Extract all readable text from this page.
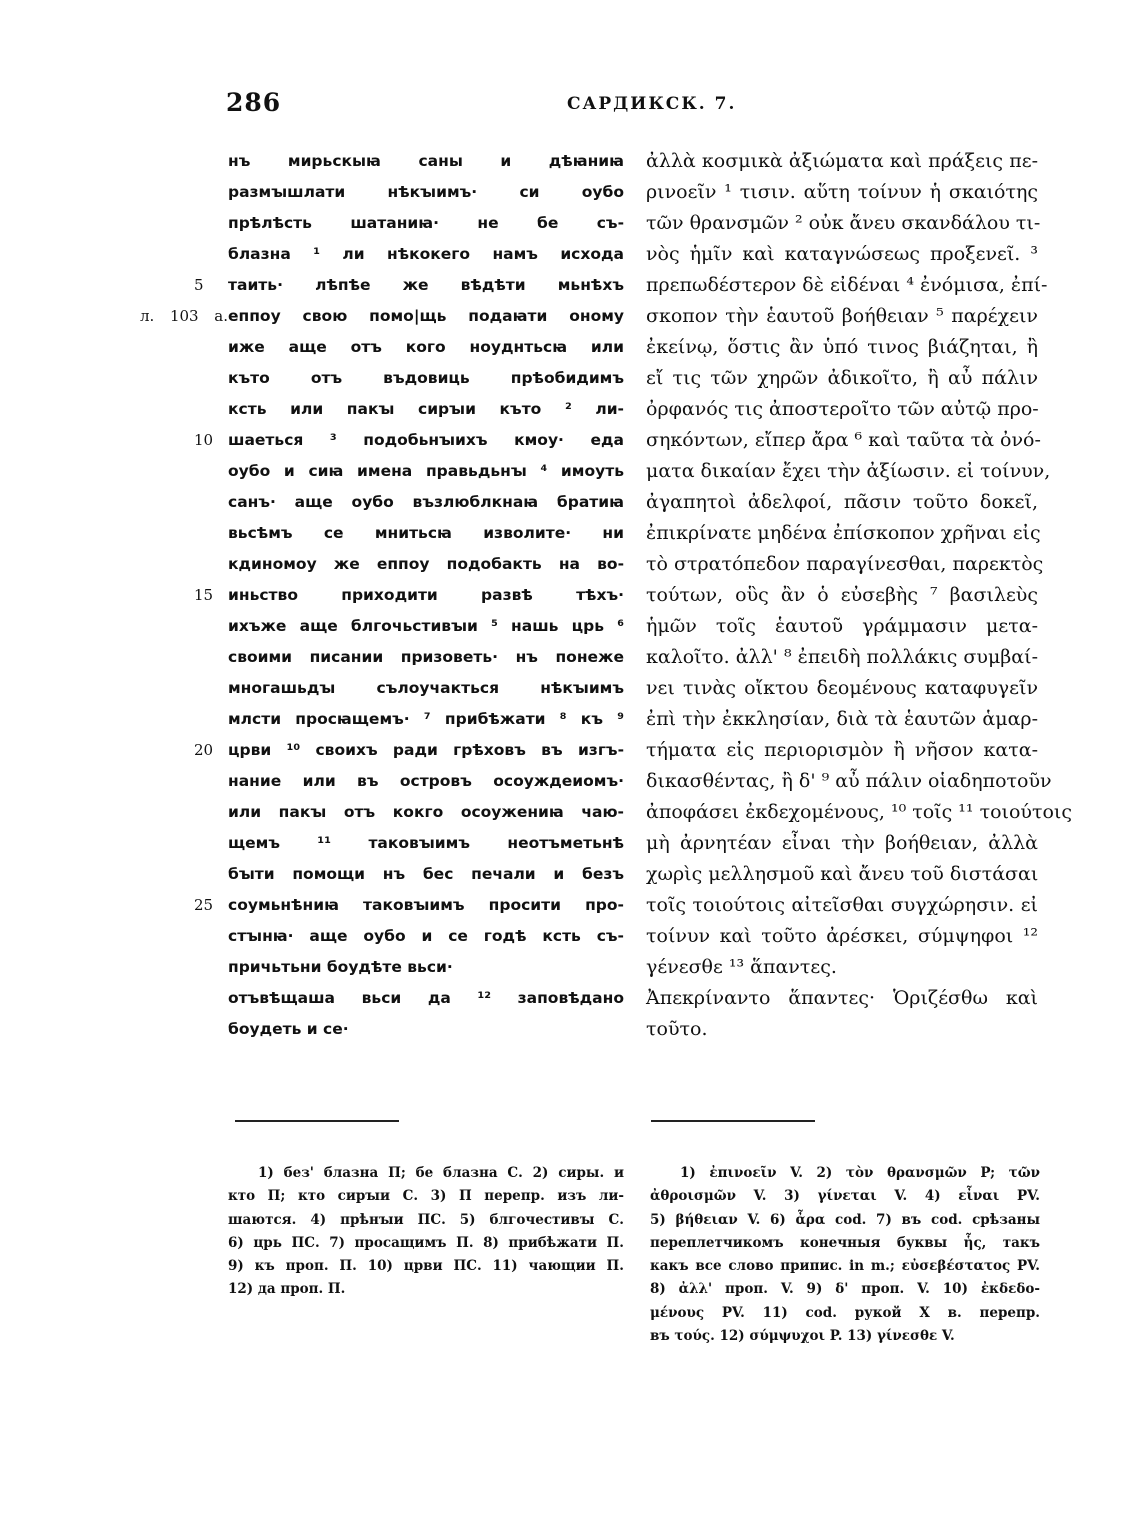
286	САРДИКСК. 7.
нъ мирьскыꙗ саны и дѣꙗниꙗ
размꙑшлати нѣкꙑимъ· си оубо
прѣлѣсть шатаниꙗ· не бе съ-
блазна ¹ ли нѣкокего намъ исхода
5	таить· лѣпѣе же вѣдѣти мьнѣхъ
л. 103 а. еппоу свою помо|щь подаꙗти оному
иже аще отъ кого ноуднтьсꙗ или
къто отъ въдовиць прѣобидимъ
ксть или пакꙑ сирꙑи къто ² ли-
10 шаеться ³ подобьнꙑихъ кмоу· еда
оубо и сиꙗ имена правьдьнꙑ ⁴ имоуть
санъ· аще оубо възлюблкнаꙗ братиꙗ
вьсѣмъ се мнитьсꙗ изволите· ни
кдиномоу же еппоу подобакть на во-
15 иньство приходити развѣ тѣхъ·
ихъже аще блгочьстивꙑи ⁵ нашь црь ⁶
своими писании призоветь· нъ понеже
многашьдꙑ сълоучакться нѣкꙑимъ
млсти просꙗщемъ· ⁷ прибѣжати ⁸ къ ⁹
20 црви ¹⁰ своихъ ради грѣховъ въ изгъ-
нание или въ островъ осоуждеиомъ·
или пакꙑ отъ кокго осоужениꙗ чаю-
щемъ ¹¹ таковꙑимъ неотъметьнѣ
бꙑти помощи нъ бес печали и безъ
25 соумьнѣниꙗ таковꙑимъ просити про-
стꙑнꙗ· аще оубо и се годѣ ксть съ-
причьтьни боудѣте вьси·
отъвѣщаша вьси да ¹² заповѣдано
боудеть и се·
ἀλλὰ κοσμικὰ ἀξιώματα καὶ πράξεις πε-
ρινοεῖν ¹ τισιν. αὕτη τοίνυν ἡ σκαιότης
τῶν θρανσμῶν ² οὐκ ἄνευ σκανδάλου τι-
νὸς ἡμῖν καὶ καταγνώσεως προξενεῖ. ³
πρεπωδέστερον δὲ εἰδέναι ⁴ ἐνόμισα, ἐπί-
σκοπον τὴν ἑαυτοῦ βοήθειαν ⁵ παρέχειν
ἐκείνῳ, ὅστις ἂν ὑπό τινος βιάζηται, ἢ
εἴ τις τῶν χηρῶν ἀδικοῖτο, ἢ αὖ πάλιν
ὀρφανός τις ἀποστεροῖτο τῶν αὐτῷ προ-
σηκόντων, εἴπερ ἄρα ⁶ καὶ ταῦτα τὰ ὀνό-
ματα δικαίαν ἔχει τὴν ἀξίωσιν. εἰ τοίνυν,
ἀγαπητοὶ ἀδελφοί, πᾶσιν τοῦτο δοκεῖ,
ἐπικρίνατε μηδένα ἐπίσκοπον χρῆναι εἰς
τὸ στρατόπεδον παραγίνεσθαι, παρεκτὸς
τούτων, οὓς ἂν ὁ εὐσεβὴς ⁷ βασιλεὺς
ἡμῶν τοῖς ἑαυτοῦ γράμμασιν μετα-
καλοῖτο. ἀλλ' ⁸ ἐπειδὴ πολλάκις συμβαί-
νει τινὰς οἴκτου δεομένους καταφυγεῖν
ἐπὶ τὴν ἐκκλησίαν, διὰ τὰ ἑαυτῶν ἁμαρ-
τήματα εἰς περιορισμὸν ἢ νῆσον κατα-
δικασθέντας, ἢ δ' ⁹ αὖ πάλιν οἱαδηποτοῦν
ἀποφάσει ἐκδεχομένους, ¹⁰ τοῖς ¹¹ τοιούτοις
μὴ ἀρνητέαν εἶναι τὴν βοήθειαν, ἀλλὰ
χωρὶς μελλησμοῦ καὶ ἄνευ τοῦ διστάσαι
τοῖς τοιούτοις αἰτεῖσθαι συγχώρησιν. εἰ
τοίνυν καὶ τοῦτο ἀρέσκει, σύμψηφοι ¹²
γένεσθε ¹³ ἅπαντες.
Ἀπεκρίναντο ἅπαντες· Ὁριζέσθω καὶ
τοῦτο.
1) без' блазна П; бе блазна С. 2) сиры. и
кто П; кто сирꙑи С. 3) П перепр. изъ ли-
шаются. 4) прѣнꙑи ПС. 5) блгочестивꙑ С.
6) црь ПС. 7) просащимъ П. 8) прибѣжати П.
9) къ проп. П. 10) црви ПС. 11) чающии П.
12) да проп. П.
1) ἐπινοεῖν V. 2) τὸν θρανσμῶν P; τῶν
ἀθροισμῶν V. 3) γίνεται V. 4) εἶναι PV.
5) βήθειαν V. 6) ἆρα cod. 7) въ cod. срѣзаны
переплетчикомъ конечныя буквы ἧς, такъ
какъ все слово припис. in m.; εὐσεβέστατος PV.
8) ἀλλ' проп. V. 9) δ' проп. V. 10) ἐκδεδο-
μένους PV. 11) cod. рукой X в. перепр.
въ τούς. 12) σύμψυχοι P. 13) γίνεσθε V.
